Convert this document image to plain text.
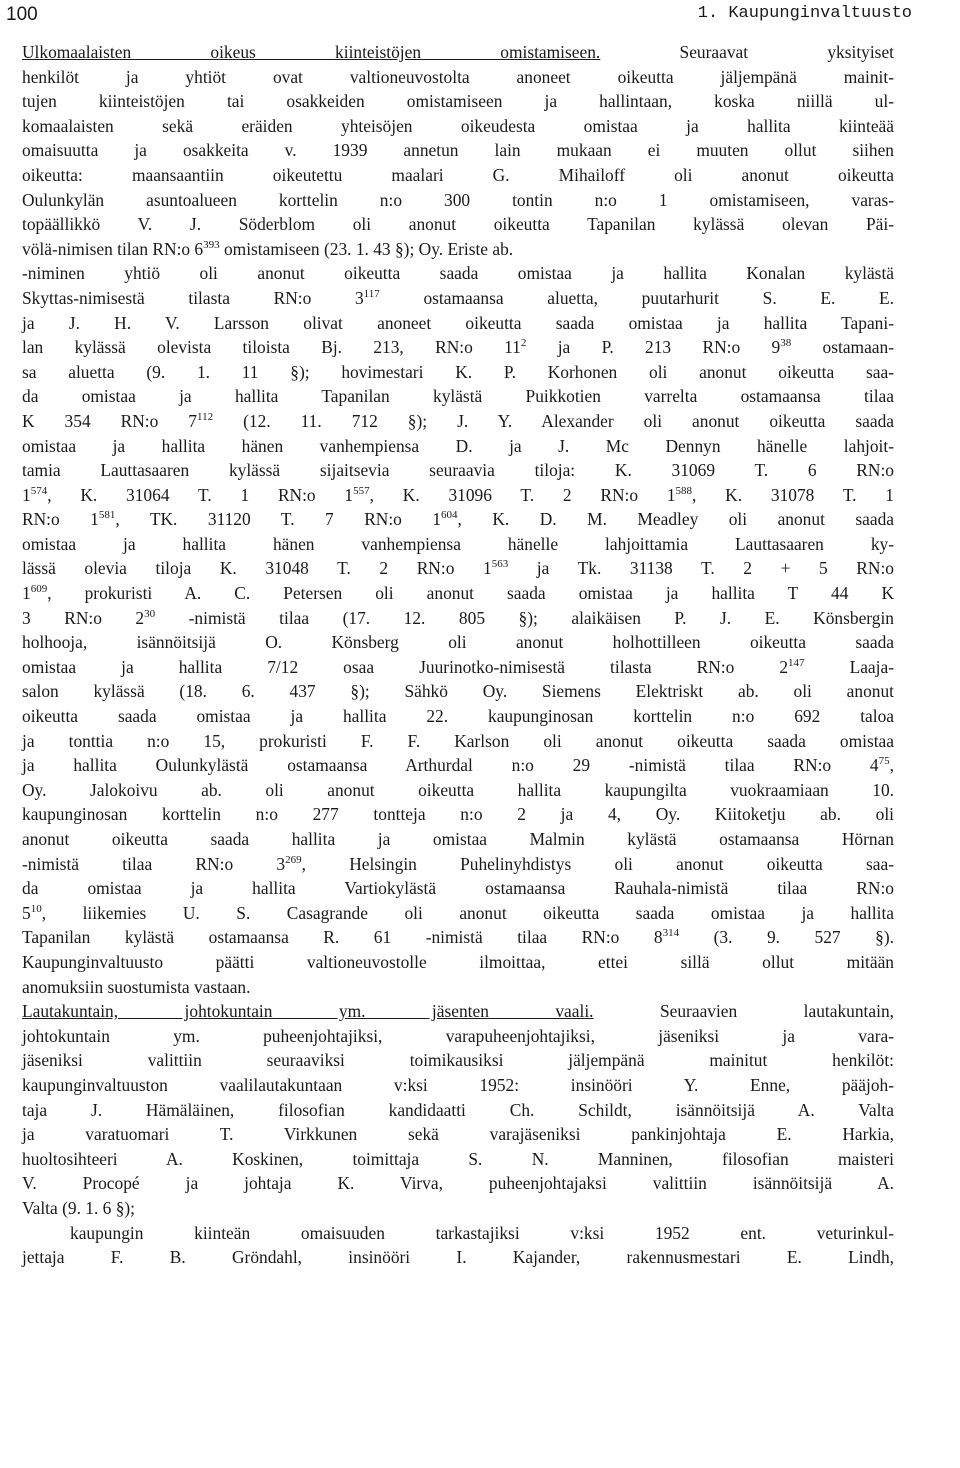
100	1. Kaupunginvaltuusto
Ulkomaalaisten oikeus kiinteistöjen omistamiseen. Seuraavat yksityiset
henkilöt ja yhtiöt ovat valtioneuvostolta anoneet oikeutta jäljempänä mainit-
tujen kiinteistöjen tai osakkeiden omistamiseen ja hallintaan, koska niillä ul-
komaalaisten sekä eräiden yhteisöjen oikeudesta omistaa ja hallita kiinteää
omaisuutta ja osakkeita v. 1939 annetun lain mukaan ei muuten ollut siihen
oikeutta: maansaantiin oikeutettu maalari G. Mihailoff oli anonut oikeutta
Oulunkylän asuntoalueen korttelin n:o 300 tontin n:o 1 omistamiseen, varas-
topäällikkö V. J. Söderblom oli anonut oikeutta Tapanilan kylässä olevan Päi-
völä-nimisen tilan RN:o $6^{393}$ omistamiseen (23. 1. 43 §); Oy. Eriste ab.
-niminen yhtiö oli anonut oikeutta saada omistaa ja hallita Konalan kylästä
Skyttas-nimisestä tilasta RN:o $3^{117}$ ostamaansa aluetta, puutarhurit S. E. E.
ja J. H. V. Larsson olivat anoneet oikeutta saada omistaa ja hallita Tapani-
lan kylässä olevista tiloista Bj. 213, RN:o $11^2$ ja P. 213 RN:o $9^{38}$ ostamaan-
sa aluetta (9. 1. 11 §); hovimestari K. P. Korhonen oli anonut oikeutta saa-
da omistaa ja hallita Tapanilan kylästä Puikkotien varrelta ostamaansa tilaa
K 354 RN:o $7^{112}$ (12. 11. 712 §); J. Y. Alexander oli anonut oikeutta saada
omistaa ja hallita hänen vanhempiensa D. ja J. Mc Dennyn hänelle lahjoit-
tamia Lauttasaaren kylässä sijaitsevia seuraavia tiloja: K. 31069 T. 6 RN:o
$1^{574}$, K. 31064 T. 1 RN:o $1^{557}$, K. 31096 T. 2 RN:o $1^{588}$, K. 31078 T. 1
RN:o $1^{581}$, TK. 31120 T. 7 RN:o $1^{604}$, K. D. M. Meadley oli anonut saada
omistaa ja hallita hänen vanhempiensa hänelle lahjoittamia Lauttasaaren ky-
lässä olevia tiloja K. 31048 T. 2 RN:o $1^{563}$ ja Tk. 31138 T. 2 + 5 RN:o
$1^{609}$, prokuristi A. C. Petersen oli anonut saada omistaa ja hallita T 44 K
3 RN:o $2^{30}$ -nimistä tilaa (17. 12. 805 §); alaikäisen P. J. E. Könsbergin
holhooja, isännöitsijä O. Könsberg oli anonut holhottilleen oikeutta saada
omistaa ja hallita 7/12 osaa Juurinotko-nimisestä tilasta RN:o $2^{147}$ Laaja-
salon kylässä (18. 6. 437 §); Sähkö Oy. Siemens Elektriskt ab. oli anonut
oikeutta saada omistaa ja hallita 22. kaupunginosan korttelin n:o 692 taloa
ja tonttia n:o 15, prokuristi F. F. Karlson oli anonut oikeutta saada omistaa
ja hallita Oulunkylästä ostamaansa Arthurdal n:o 29 -nimistä tilaa RN:o $4^{75}$,
Oy. Jalokoivu ab. oli anonut oikeutta hallita kaupungilta vuokraamiaan 10.
kaupunginosan korttelin n:o 277 tontteja n:o 2 ja 4, Oy. Kiitoketju ab. oli
anonut oikeutta saada hallita ja omistaa Malmin kylästä ostamaansa Hörnan
-nimistä tilaa RN:o $3^{269}$, Helsingin Puhelinyhdistys oli anonut oikeutta saa-
da omistaa ja hallita Vartiokylästä ostamaansa Rauhala-nimistä tilaa RN:o
$5^{10}$, liikemies U. S. Casagrande oli anonut oikeutta saada omistaa ja hallita
Tapanilan kylästä ostamaansa R. 61 -nimistä tilaa RN:o $8^{314}$ (3. 9. 527 §).
Kaupunginvaltuusto päätti valtioneuvostolle ilmoittaa, ettei sillä ollut mitään
anomuksiin suostumista vastaan.
Lautakuntain, johtokuntain ym. jäsenten vaali. Seuraavien lautakuntain,
johtokuntain ym. puheenjohtajiksi, varapuheenjohtajiksi, jäseniksi ja vara-
jäseniksi valittiin seuraaviksi toimikausiksi jäljempänä mainitut henkilöt:
kaupunginvaltuuston vaalilautakuntaan v:ksi 1952: insinööri Y. Enne, pääjoh-
taja J. Hämäläinen, filosofian kandidaatti Ch. Schildt, isännöitsijä A. Valta
ja varatuomari T. Virkkunen sekä varajäseniksi pankinjohtaja E. Harkia,
huoltosihteeri A. Koskinen, toimittaja S. N. Manninen, filosofian maisteri
V. Procopé ja johtaja K. Virva, puheenjohtajaksi valittiin isännöitsijä A.
Valta (9. 1. 6 §);
kaupungin kiinteän omaisuuden tarkastajiksi v:ksi 1952 ent. veturinkul-
jettaja F. B. Gröndahl, insinööri I. Kajander, rakennusmestari E. Lindh,
